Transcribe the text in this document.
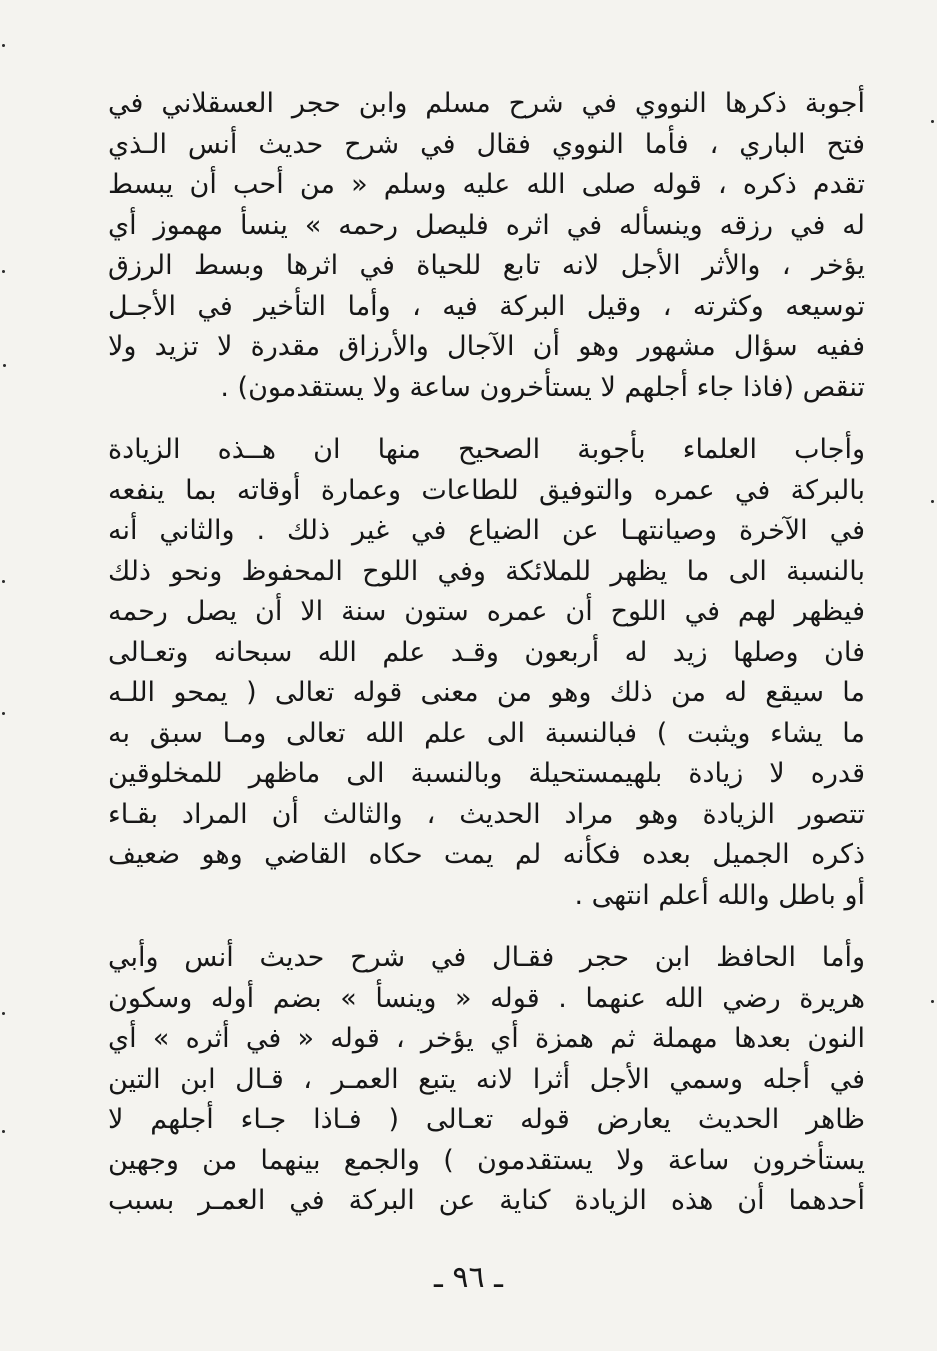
أجوبة ذكرها النووي في شرح مسلم وابن حجر العسقلاني في
فتح الباري ، فأما النووي فقال في شرح حديث أنس الـذي
تقدم ذكره ، قوله صلى الله عليه وسلم « من أحب أن يبسط
له في رزقه وينسأله في اثره فليصل رحمه » ينسأ مهموز أي
يؤخر ، والأثر الأجل لانه تابع للحياة في اثرها وبسط الرزق
توسيعه وكثرته ، وقيل البركة فيه ، وأما التأخير في الأجـل
ففيه سؤال مشهور وهو أن الآجال والأرزاق مقدرة لا تزيد ولا
تنقص (فاذا جاء أجلهم لا يستأخرون ساعة ولا يستقدمون) .

وأجاب العلماء بأجوبة الصحيح منها ان هــذه الزيادة
بالبركة في عمره والتوفيق للطاعات وعمارة أوقاته بما ينفعه
في الآخرة وصيانتهـا عن الضياع في غير ذلك . والثاني أنه
بالنسبة الى ما يظهر للملائكة وفي اللوح المحفوظ ونحو ذلك
فيظهر لهم في اللوح أن عمره ستون سنة الا أن يصل رحمه
فان وصلها زيد له أربعون وقـد علم الله سبحانه وتعـالى
ما سيقع له من ذلك وهو من معنى قوله تعالى ( يمحو اللـه
ما يشاء ويثبت ) فبالنسبة الى علم الله تعالى ومـا سبق به
قدره لا زيادة بلهيمستحيلة وبالنسبة الى ماظهر للمخلوقين
تتصور الزيادة وهو مراد الحديث ، والثالث أن المراد بقـاء
ذكره الجميل بعده فكأنه لم يمت حكاه القاضي وهو ضعيف
أو باطل والله أعلم انتهى .

وأما الحافظ ابن حجر فقـال في شرح حديث أنس وأبي
هريرة رضي الله عنهما . قوله « وينسأ » بضم أوله وسكون
النون بعدها مهملة ثم همزة أي يؤخر ، قوله « في أثره » أي
في أجله وسمي الأجل أثرا لانه يتبع العمـر ، قـال ابن التين
ظاهر الحديث يعارض قوله تعـالى ( فـاذا جـاء أجلهم لا
يستأخرون ساعة ولا يستقدمون ) والجمع بينهما من وجهين
أحدهما أن هذه الزيادة كناية عن البركة في العمـر بسبب

ـ ٩٦ ـ
